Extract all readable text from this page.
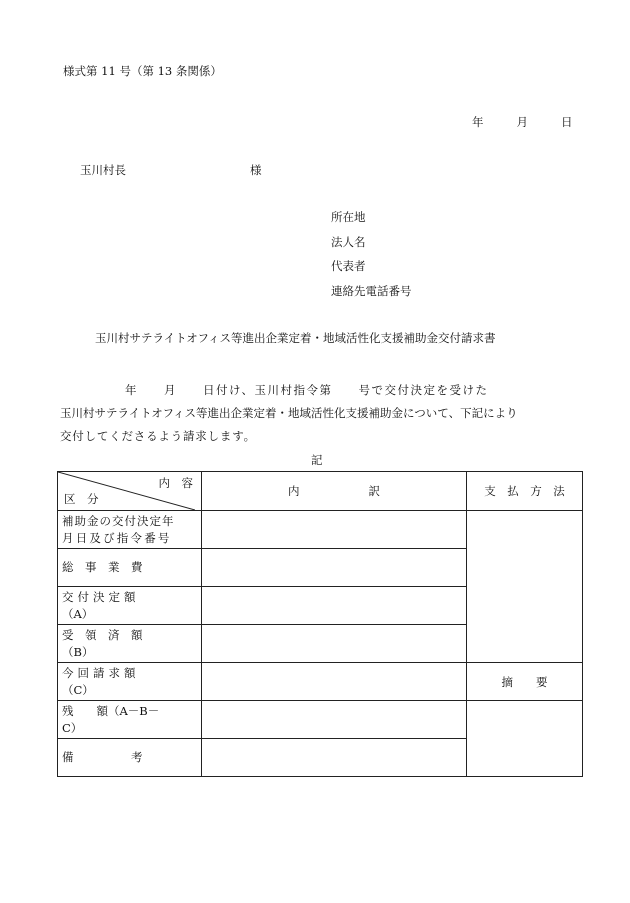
様式第 11 号（第 13 条関係）
年	月	日
玉川村長	様
所在地
法人名
代表者
連絡先電話番号
玉川村サテライトオフィス等進出企業定着・地域活性化支援補助金交付請求書
　　　　　年　　月　　日付け、玉川村指令第　　号で交付決定を受けた
玉川村サテライトオフィス等進出企業定着・地域活性化支援補助金について、下記により
交付してくださるよう請求します。
記
内　容
区　分	内　　　　　　訳	支　払　方　法

補助金の交付決定年
月日及び指令番号		

総　事　業　費		

交付決定額
（A）		

受　領　済　額
（B）		

今回請求額
（C）		摘　　要

残　　額（A－B－
C）		

備　　　　　考		
